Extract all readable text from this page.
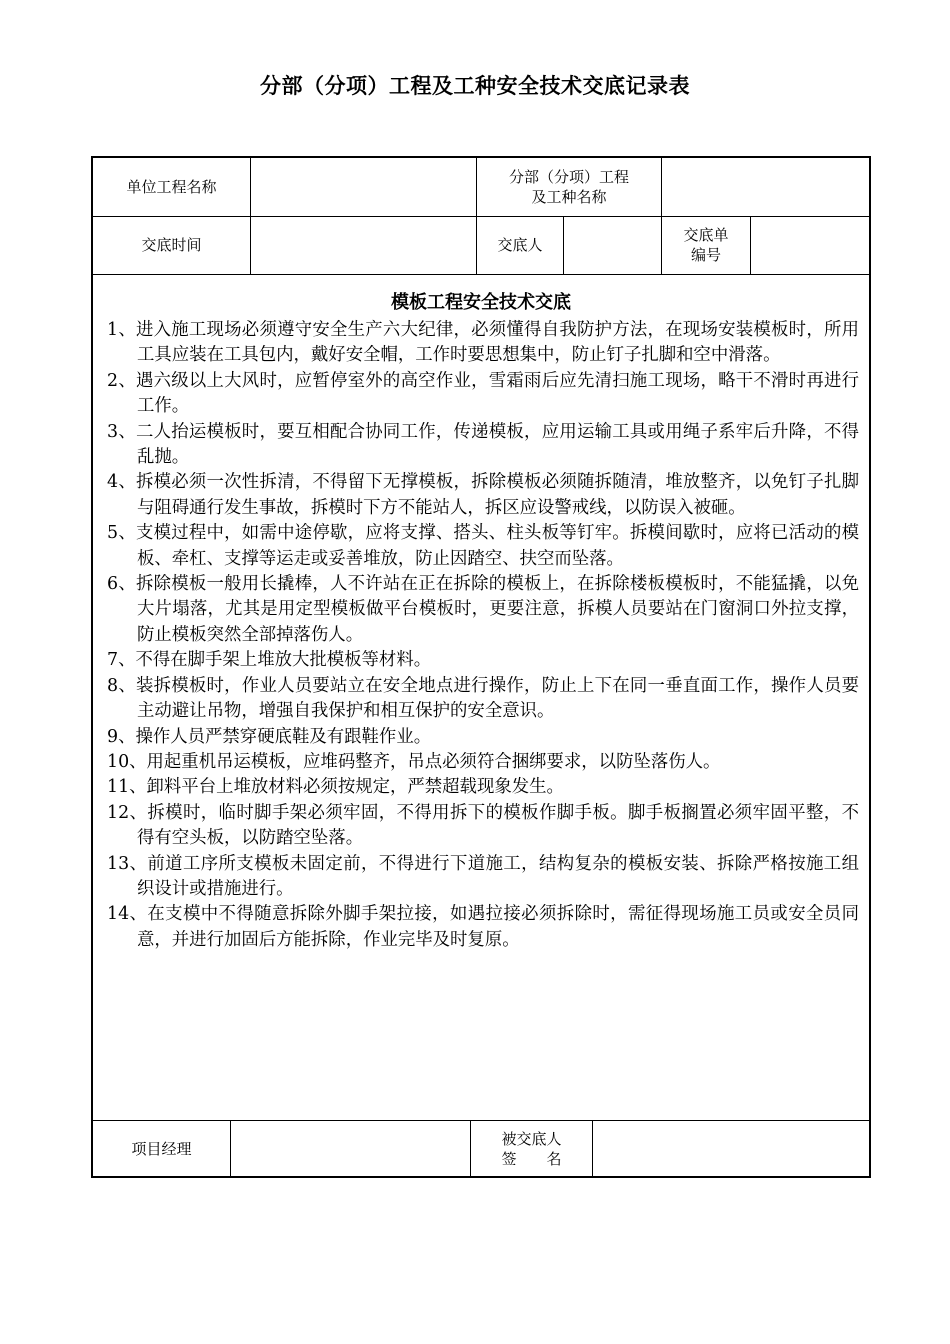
分部（分项）工程及工种安全技术交底记录表
单位工程名称
分部（分项）工程
及工种名称
交底时间	交底人
交底单
编号
模板工程安全技术交底
1、进入施工现场必须遵守安全生产六大纪律，必须懂得自我防护方法，在现场安装模板时，所用工具应装在工具包内，戴好安全帽，工作时要思想集中，防止钉子扎脚和空中滑落。
2、遇六级以上大风时，应暂停室外的高空作业，雪霜雨后应先清扫施工现场，略干不滑时再进行工作。
3、二人抬运模板时，要互相配合协同工作，传递模板，应用运输工具或用绳子系牢后升降，不得乱抛。
4、拆模必须一次性拆清，不得留下无撑模板，拆除模板必须随拆随清，堆放整齐，以免钉子扎脚与阻碍通行发生事故，拆模时下方不能站人，拆区应设警戒线，以防误入被砸。
5、支模过程中，如需中途停歇，应将支撑、搭头、柱头板等钉牢。拆模间歇时，应将已活动的模板、牵杠、支撑等运走或妥善堆放，防止因踏空、扶空而坠落。
6、拆除模板一般用长撬棒，人不许站在正在拆除的模板上，在拆除楼板模板时，不能猛撬，以免大片塌落，尤其是用定型模板做平台模板时，更要注意，拆模人员要站在门窗洞口外拉支撑，防止模板突然全部掉落伤人。
7、不得在脚手架上堆放大批模板等材料。
8、装拆模板时，作业人员要站立在安全地点进行操作，防止上下在同一垂直面工作，操作人员要主动避让吊物，增强自我保护和相互保护的安全意识。
9、操作人员严禁穿硬底鞋及有跟鞋作业。
10、用起重机吊运模板，应堆码整齐，吊点必须符合捆绑要求，以防坠落伤人。
11、卸料平台上堆放材料必须按规定，严禁超载现象发生。
12、拆模时，临时脚手架必须牢固，不得用拆下的模板作脚手板。脚手板搁置必须牢固平整，不得有空头板，以防踏空坠落。
13、前道工序所支模板未固定前，不得进行下道施工，结构复杂的模板安装、拆除严格按施工组织设计或措施进行。
14、在支模中不得随意拆除外脚手架拉接，如遇拉接必须拆除时，需征得现场施工员或安全员同意，并进行加固后方能拆除，作业完毕及时复原。
项目经理
被交底人
签　　名
